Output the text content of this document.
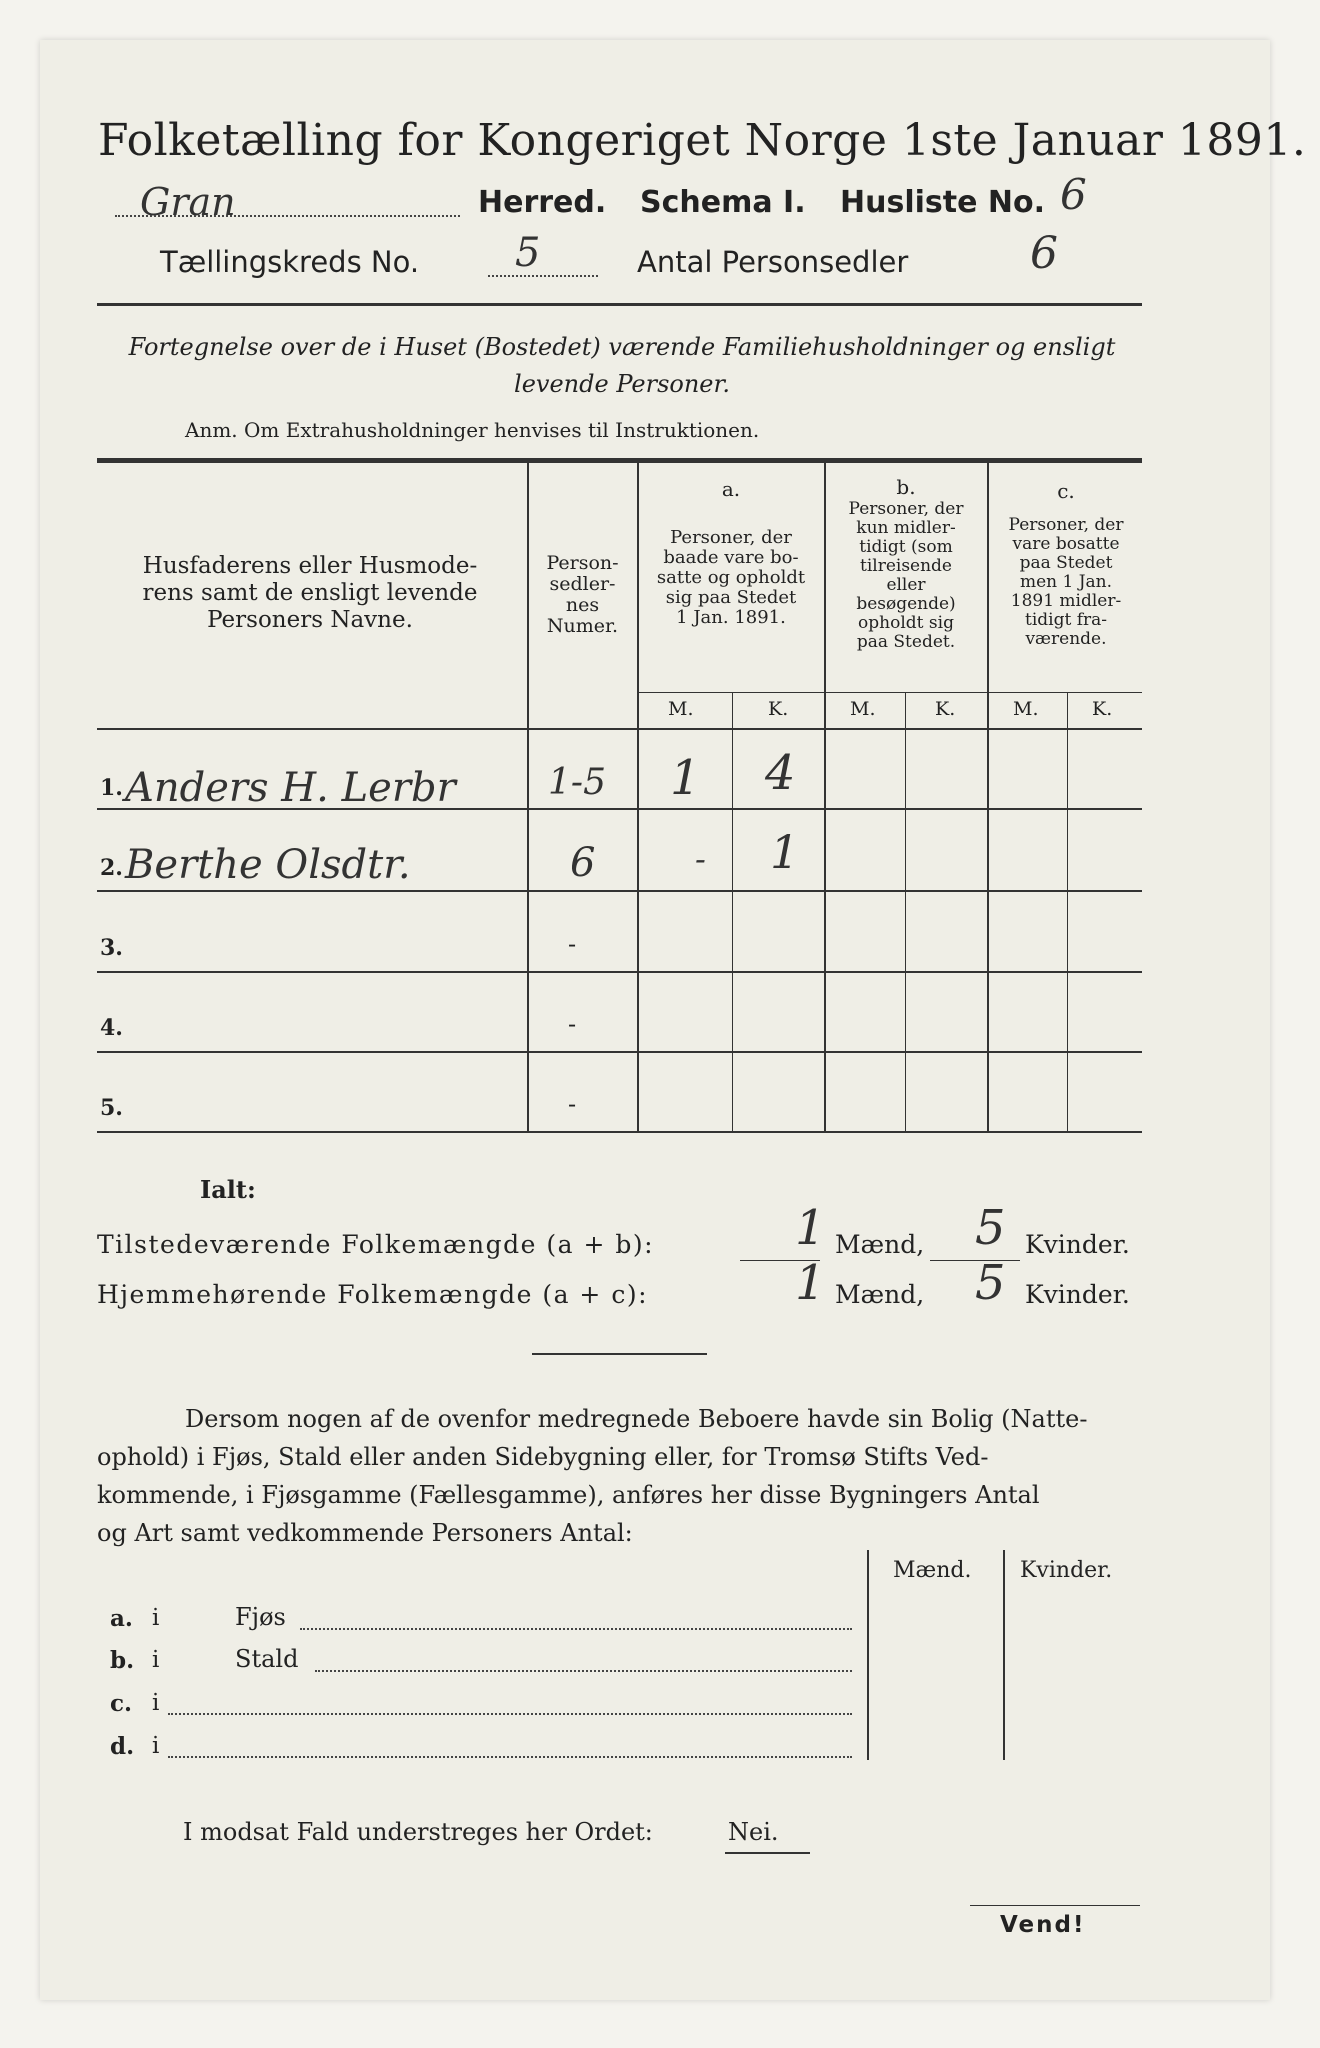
Folketælling for Kongeriget Norge 1ste Januar 1891.
Gran	Herred. Schema I. Husliste No. 6
Tællingskreds No. 5	Antal Personsedler	6
Fortegnelse over de i Huset (Bostedet) værende Familiehusholdninger og ensligt
levende Personer.
Anm. Om Extrahusholdninger henvises til Instruktionen.
Husfaderens eller Husmode-
rens samt de ensligt levende
Personers Navne.
Person-
sedler-
nes
Numer.
a.
Personer, der
baade vare bo-
satte og opholdt
sig paa Stedet
1 Jan. 1891.
b.
Personer, der
kun midler-
tidigt (som
tilreisende
eller
besøgende)
opholdt sig
paa Stedet.
c.
Personer, der
vare bosatte
paa Stedet
men 1 Jan.
1891 midler-
tidigt fra-
værende.
M.	K.	M.	K.	M.	K.
1. Anders H. Lerbr	1-5 1 4
2. Berthe Olsdtr.	6	- 1
3.	-
4.	-
5.	-
Ialt:
Tilstedeværende Folkemængde (a + b):	1 Mænd, 5 Kvinder.
Hjemmehørende Folkemængde (a + c):	1 Mænd, 5 Kvinder.
Dersom nogen af de ovenfor medregnede Beboere havde sin Bolig (Natte-
ophold) i Fjøs, Stald eller anden Sidebygning eller, for Tromsø Stifts Ved-
kommende, i Fjøsgamme (Fællesgamme), anføres her disse Bygningers Antal
og Art samt vedkommende Personers Antal:
Mænd. Kvinder.
a. i	Fjøs
b. i	Stald
c. i
d. i
I modsat Fald understreges her Ordet:	Nei.
Vend!
